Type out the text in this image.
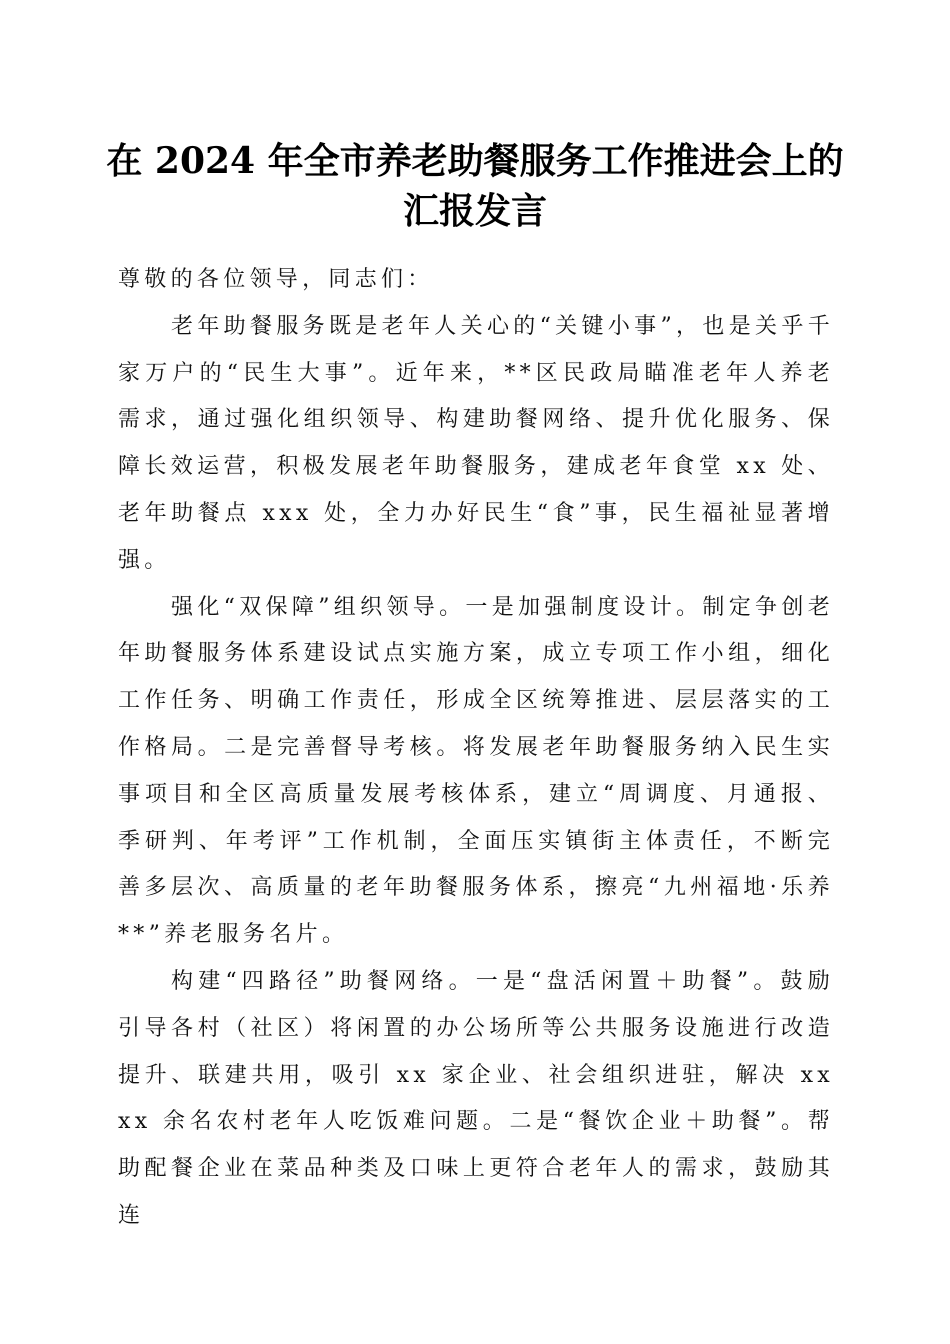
在 2024 年全市养老助餐服务工作推进会上的
汇报发言

尊敬的各位领导，同志们：

老年助餐服务既是老年人关心的“关键小事”，也是关乎千家万户的“民生大事”。近年来，**区民政局瞄准老年人养老需求，通过强化组织领导、构建助餐网络、提升优化服务、保障长效运营，积极发展老年助餐服务，建成老年食堂 xx 处、老年助餐点 xxx 处，全力办好民生“食”事，民生福祉显著增强。

强化“双保障”组织领导。一是加强制度设计。制定争创老年助餐服务体系建设试点实施方案，成立专项工作小组，细化工作任务、明确工作责任，形成全区统筹推进、层层落实的工作格局。二是完善督导考核。将发展老年助餐服务纳入民生实事项目和全区高质量发展考核体系，建立“周调度、月通报、季研判、年考评”工作机制，全面压实镇街主体责任，不断完善多层次、高质量的老年助餐服务体系，擦亮“九州福地·乐养**”养老服务名片。

构建“四路径”助餐网络。一是“盘活闲置＋助餐”。鼓励引导各村（社区）将闲置的办公场所等公共服务设施进行改造提升、联建共用，吸引 xx 家企业、社会组织进驻，解决 xxxx 余名农村老年人吃饭难问题。二是“餐饮企业＋助餐”。帮助配餐企业在菜品种类及口味上更符合老年人的需求，鼓励其连
